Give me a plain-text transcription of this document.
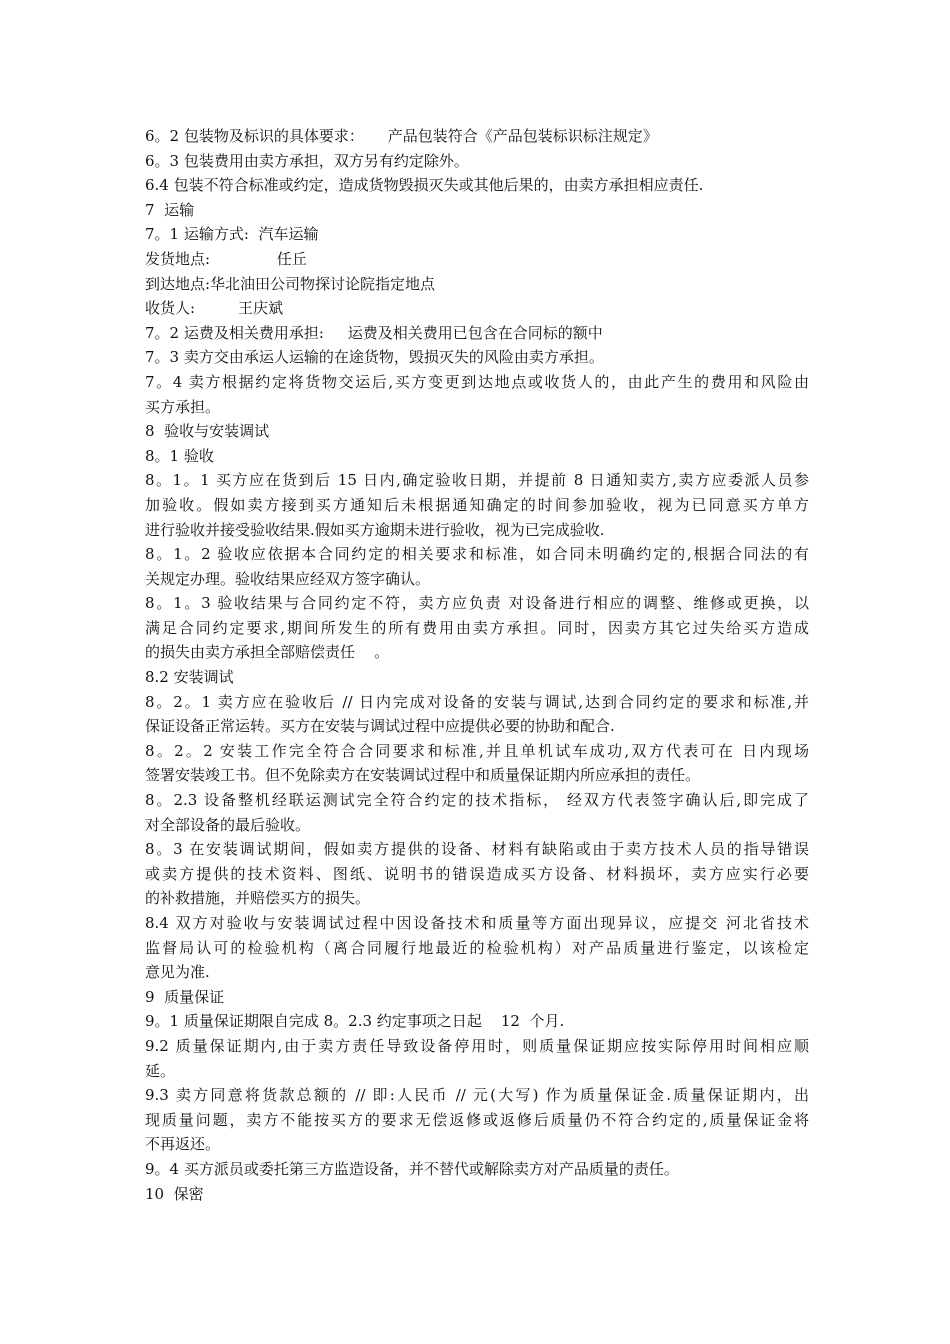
6。2 包装物及标识的具体要求：     产品包装符合《产品包装标识标注规定》
6。3 包装费用由卖方承担，双方另有约定除外。
6.4 包装不符合标准或约定，造成货物毁损灭失或其他后果的，由卖方承担相应责任.
7  运输
7。1 运输方式:  汽车运输
发货地点:              任丘
到达地点:华北油田公司物探讨论院指定地点
收货人:         王庆斌
7。2 运费及相关费用承担:     运费及相关费用已包含在合同标的额中
7。3 卖方交由承运人运输的在途货物，毁损灭失的风险由卖方承担。
7。4 卖方根据约定将货物交运后,买方变更到达地点或收货人的，由此产生的费用和风险由
买方承担。
8  验收与安装调试
8。1 验收
8。1。1 买方应在货到后 15 日内,确定验收日期，并提前 8 日通知卖方,卖方应委派人员参
加验收。假如卖方接到买方通知后未根据通知确定的时间参加验收，视为已同意买方单方
进行验收并接受验收结果.假如买方逾期未进行验收，视为已完成验收.
8。1。2 验收应依据本合同约定的相关要求和标准，如合同未明确约定的,根据合同法的有
关规定办理。验收结果应经双方签字确认。
8。1。3 验收结果与合同约定不符，卖方应负责 对设备进行相应的调整、维修或更换，以
满足合同约定要求,期间所发生的所有费用由卖方承担。同时，因卖方其它过失给买方造成
的损失由卖方承担全部赔偿责任    。
8.2 安装调试
8。2。1 卖方应在验收后 // 日内完成对设备的安装与调试,达到合同约定的要求和标准,并
保证设备正常运转。买方在安装与调试过程中应提供必要的协助和配合.
8。2。2 安装工作完全符合合同要求和标准,并且单机试车成功,双方代表可在 日内现场
签署安装竣工书。但不免除卖方在安装调试过程中和质量保证期内所应承担的责任。
8。2.3 设备整机经联运测试完全符合约定的技术指标， 经双方代表签字确认后,即完成了
对全部设备的最后验收。
8。3 在安装调试期间，假如卖方提供的设备、材料有缺陷或由于卖方技术人员的指导错误
或卖方提供的技术资料、图纸、说明书的错误造成买方设备、材料损坏，卖方应实行必要
的补救措施，并赔偿买方的损失。
8.4 双方对验收与安装调试过程中因设备技术和质量等方面出现异议，应提交 河北省技术
监督局认可的检验机构（离合同履行地最近的检验机构）对产品质量进行鉴定，以该检定
意见为准.
9  质量保证
9。1 质量保证期限自完成 8。2.3 约定事项之日起    12  个月.
9.2 质量保证期内,由于卖方责任导致设备停用时，则质量保证期应按实际停用时间相应顺
延。
9.3 卖方同意将货款总额的 // 即:人民币 // 元(大写) 作为质量保证金.质量保证期内，出
现质量问题，卖方不能按买方的要求无偿返修或返修后质量仍不符合约定的,质量保证金将
不再返还。
9。4 买方派员或委托第三方监造设备，并不替代或解除卖方对产品质量的责任。
10  保密
